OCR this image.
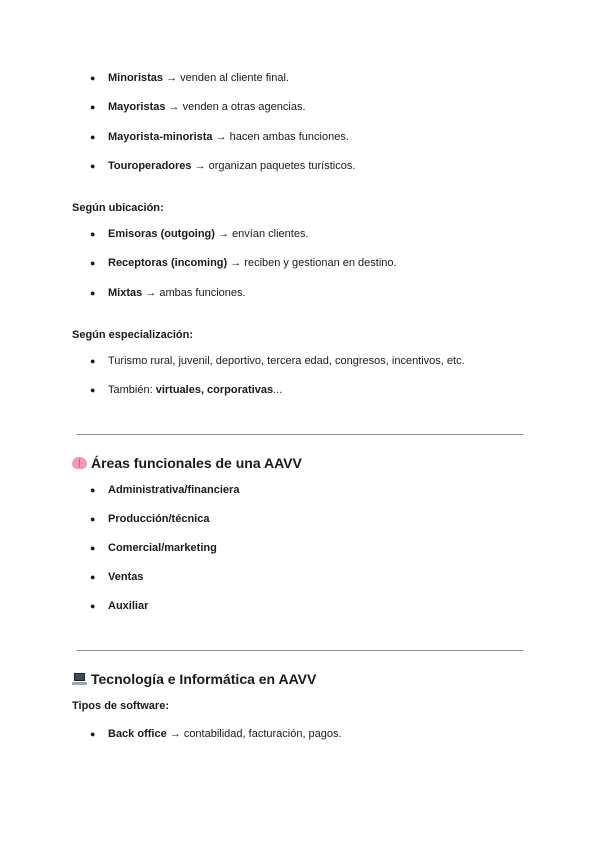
● Minoristas → venden al cliente final.
● Mayoristas → venden a otras agencias.
● Mayorista-minorista → hacen ambas funciones.
● Touroperadores → organizan paquetes turísticos.
Según ubicación:
● Emisoras (outgoing) → envían clientes.
● Receptoras (incoming) → reciben y gestionan en destino.
● Mixtas → ambas funciones.
Según especialización:
● Turismo rural, juvenil, deportivo, tercera edad, congresos, incentivos, etc.
● También: virtuales, corporativas...
Áreas funcionales de una AAVV
● Administrativa/financiera
● Producción/técnica
● Comercial/marketing
● Ventas
● Auxiliar
Tecnología e Informática en AAVV
Tipos de software:
● Back office → contabilidad, facturación, pagos.
